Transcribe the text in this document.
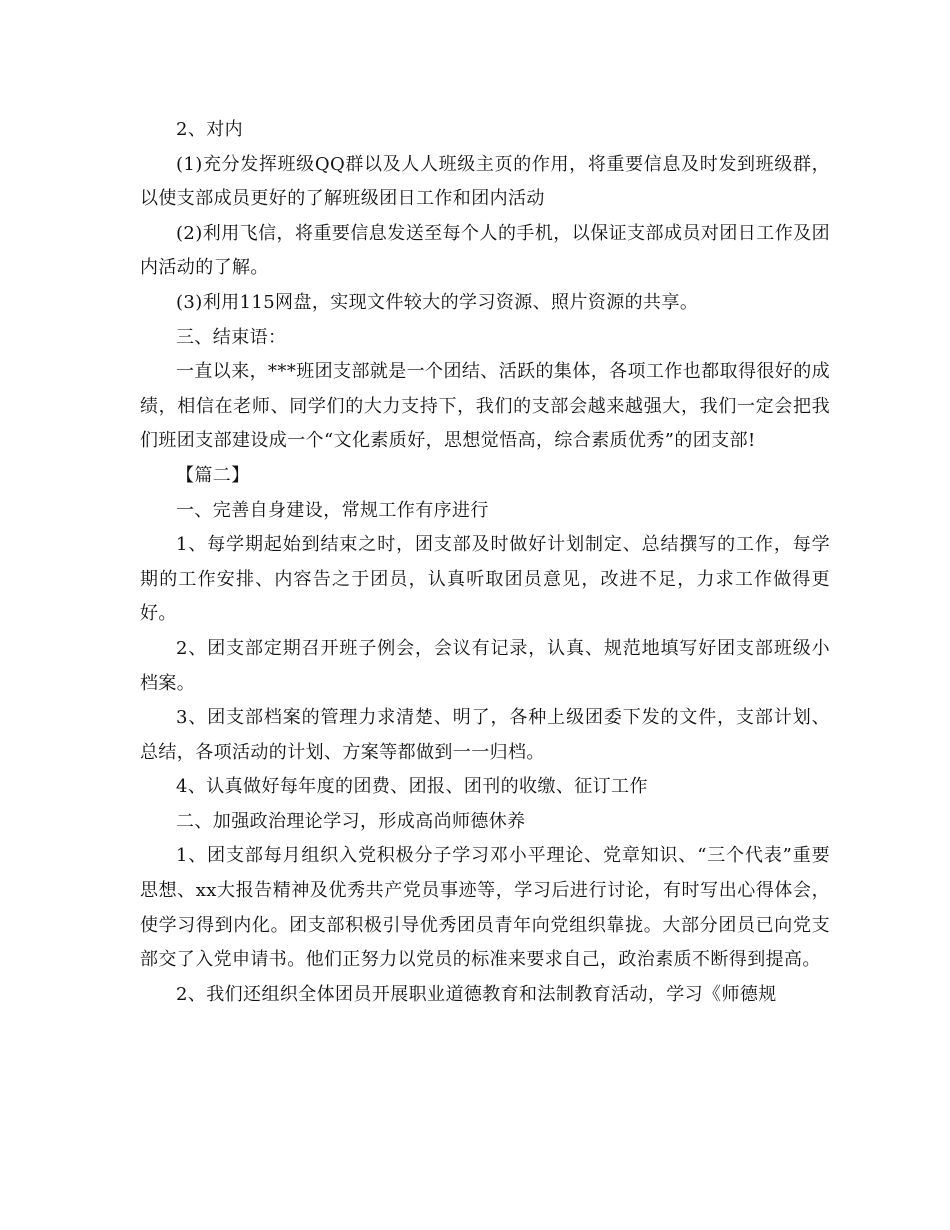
2、对内

(1)充分发挥班级QQ群以及人人班级主页的作用，将重要信息及时发到班级群，以使支部成员更好的了解班级团日工作和团内活动

(2)利用飞信，将重要信息发送至每个人的手机，以保证支部成员对团日工作及团内活动的了解。

(3)利用115网盘，实现文件较大的学习资源、照片资源的共享。

三、结束语：

一直以来，***班团支部就是一个团结、活跃的集体，各项工作也都取得很好的成绩，相信在老师、同学们的大力支持下，我们的支部会越来越强大，我们一定会把我们班团支部建设成一个“文化素质好，思想觉悟高，综合素质优秀”的团支部!

【篇二】

一、完善自身建设，常规工作有序进行

1、每学期起始到结束之时，团支部及时做好计划制定、总结撰写的工作，每学期的工作安排、内容告之于团员，认真听取团员意见，改进不足，力求工作做得更好。

2、团支部定期召开班子例会，会议有记录，认真、规范地填写好团支部班级小档案。

3、团支部档案的管理力求清楚、明了，各种上级团委下发的文件，支部计划、总结，各项活动的计划、方案等都做到一一归档。

4、认真做好每年度的团费、团报、团刊的收缴、征订工作

二、加强政治理论学习，形成高尚师德休养

1、团支部每月组织入党积极分子学习邓小平理论、党章知识、“三个代表”重要思想、xx大报告精神及优秀共产党员事迹等，学习后进行讨论，有时写出心得体会，使学习得到内化。团支部积极引导优秀团员青年向党组织靠拢。大部分团员已向党支部交了入党申请书。他们正努力以党员的标准来要求自己，政治素质不断得到提高。

2、我们还组织全体团员开展职业道德教育和法制教育活动，学习《师德规
